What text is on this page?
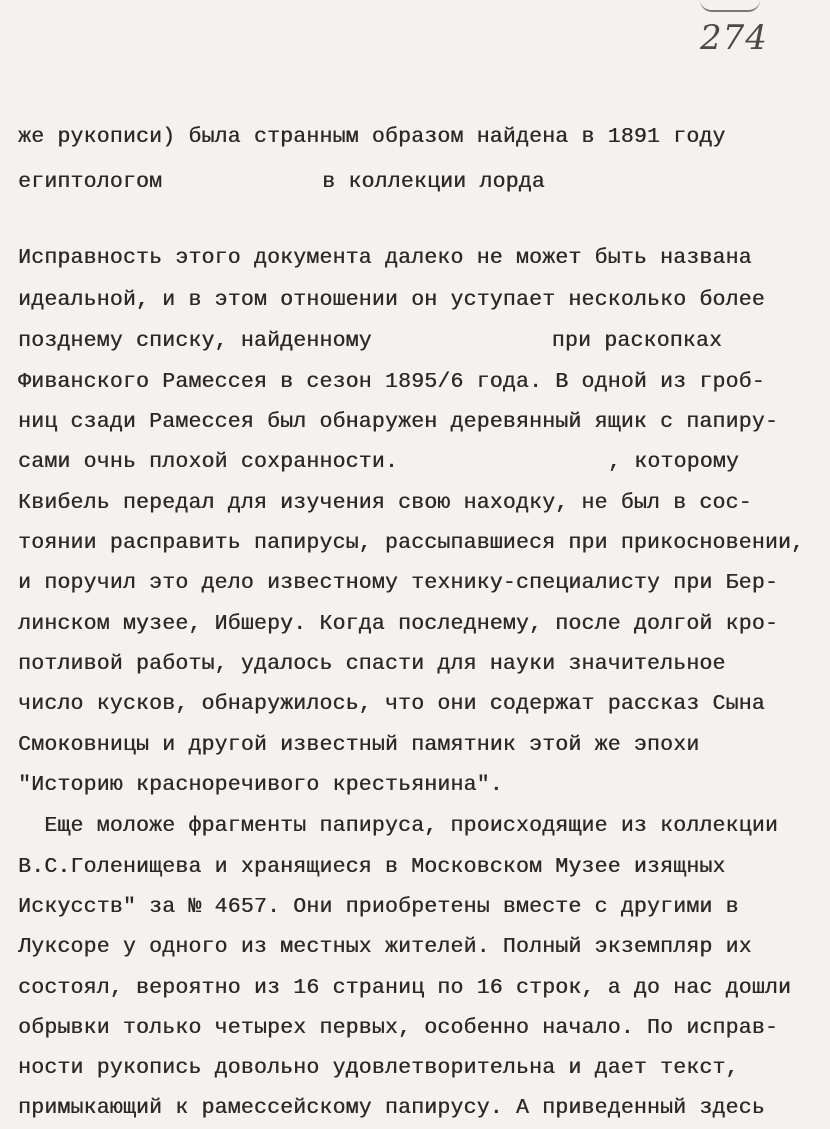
274
же рукописи) была странным образом найдена в 1891 году
египтологом	в коллекции лорда
Исправность этого документа далеко не может быть названа
идеальной, и в этом отношении он уступает несколько более
позднему списку, найденному	при раскопках
Фиванского Рамессея в сезон 1895/6 года. В одной из гроб-
ниц сзади Рамессея был обнаружен деревянный ящик с папиру-
сами очнь плохой сохранности.	, которому
Квибель передал для изучения свою находку, не был в сос-
тоянии расправить папирусы, рассыпавшиеся при прикосновении,
и поручил это дело известному технику-специалисту при Бер-
линском музее, Ибшеру. Когда последнему, после долгой кро-
потливой работы, удалось спасти для науки значительное
число кусков, обнаружилось, что они содержат рассказ Сына
Смоковницы и другой известный памятник этой же эпохи
"Историю красноречивого крестьянина".
Еще моложе фрагменты папируса, происходящие из коллекции
В.С.Голенищева и хранящиеся в Московском Музее изящных
Искусств" за № 4657. Они приобретены вместе с другими в
Луксоре у одного из местных жителей. Полный экземпляр их
состоял, вероятно из 16 страниц по 16 строк, а до нас дошли
обрывки только четырех первых, особенно начало. По исправ-
ности рукопись довольно удовлетворительна и дает текст,
примыкающий к рамессейскому папирусу. А приведенный здесь
